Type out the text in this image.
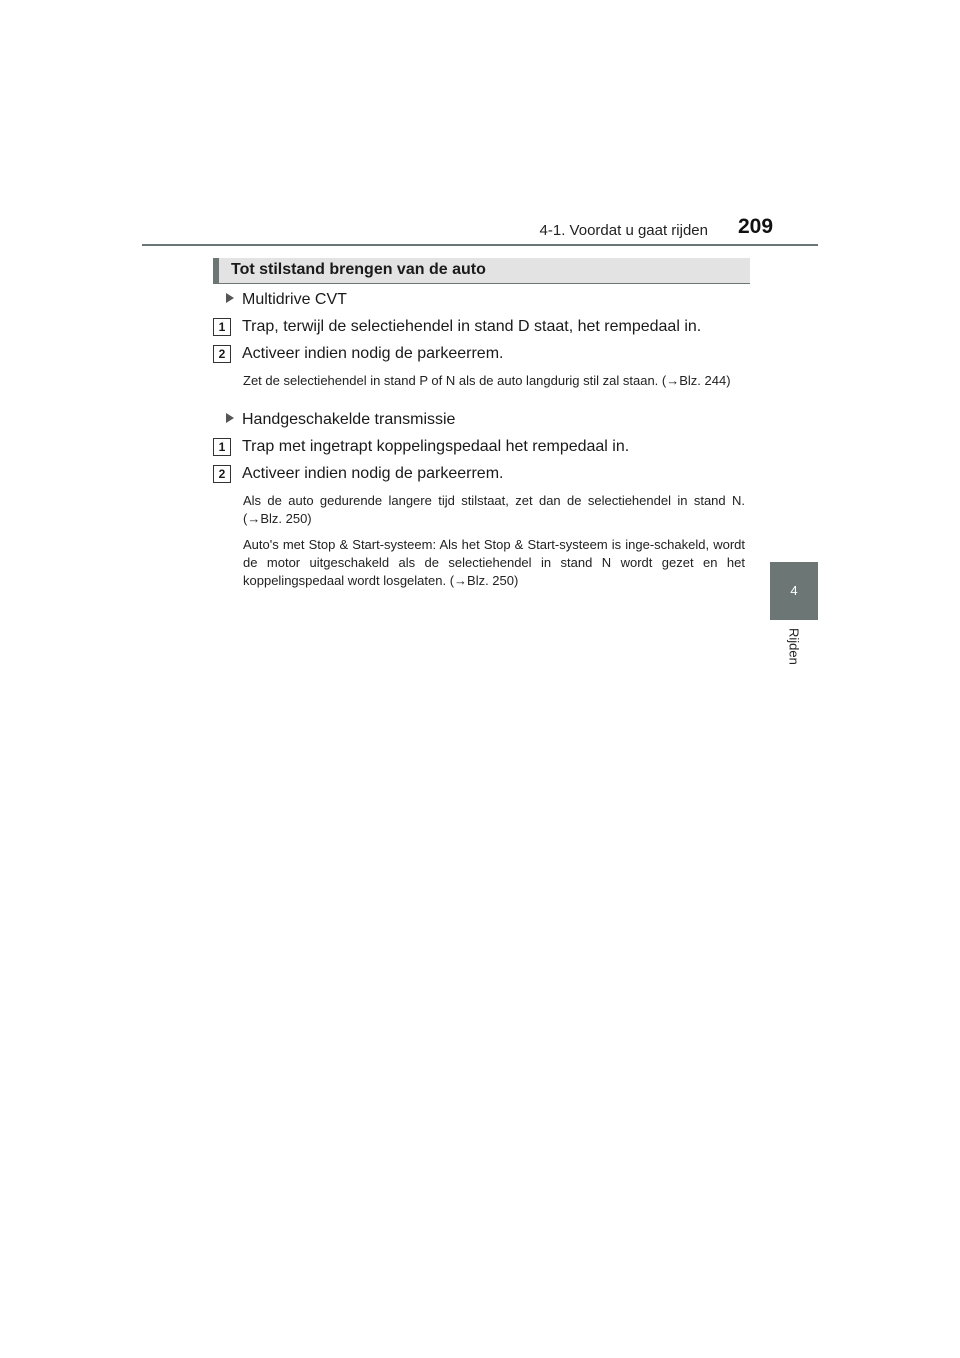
4-1. Voordat u gaat rijden 209
4
Rijden
Tot stilstand brengen van de auto
Multidrive CVT
1 Trap, terwijl de selectiehendel in stand D staat, het rempedaal in.
2 Activeer indien nodig de parkeerrem.

Zet de selectiehendel in stand P of N als de auto langdurig stil zal staan. (→Blz. 244)

Handgeschakelde transmissie
1 Trap met ingetrapt koppelingspedaal het rempedaal in.
2 Activeer indien nodig de parkeerrem.

Als de auto gedurende langere tijd stilstaat, zet dan de selectiehendel in stand N. (→Blz. 250)

Auto's met Stop & Start-systeem: Als het Stop & Start-systeem is inge-schakeld, wordt de motor uitgeschakeld als de selectiehendel in stand N wordt gezet en het koppelingspedaal wordt losgelaten. (→Blz. 250)
